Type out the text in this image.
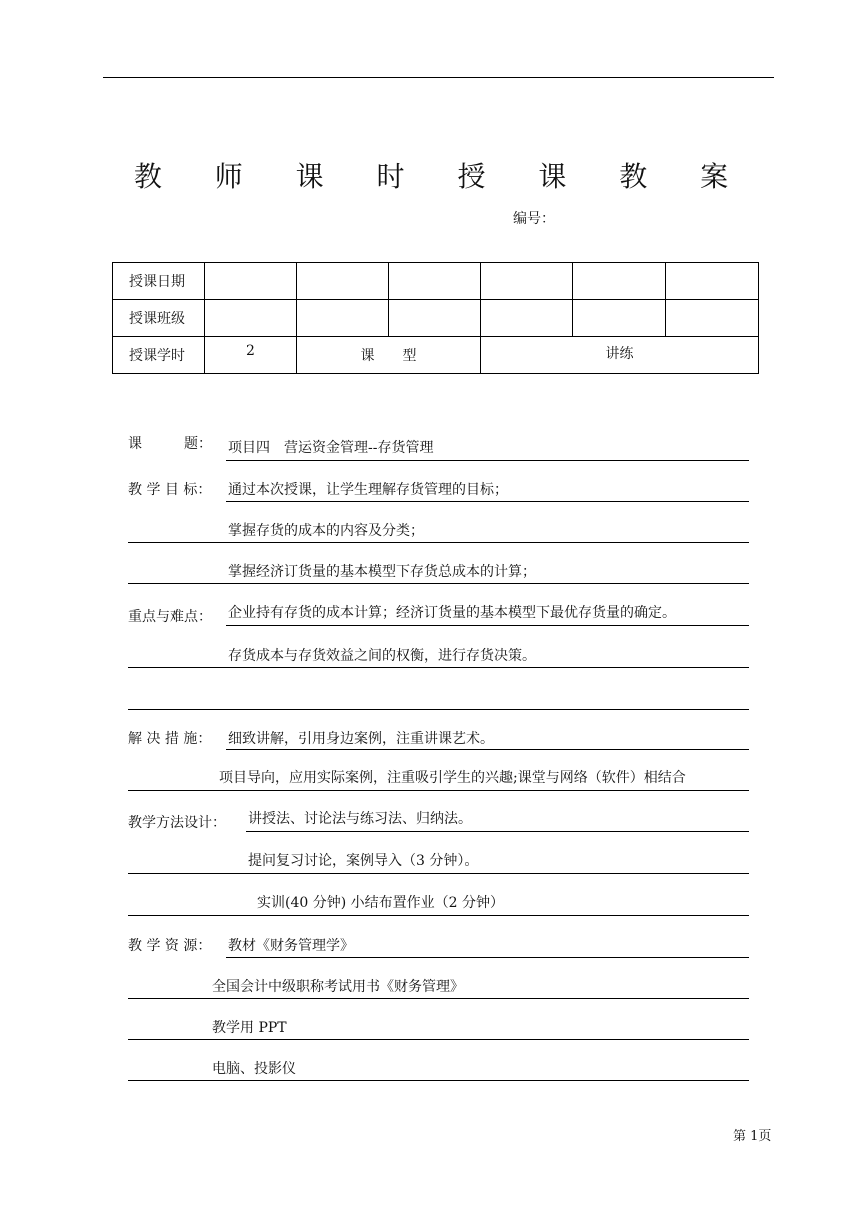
教 师 课 时 授 课 教 案
编号：
授课日期						
授课班级						
授课学时	2	课　　型		讲练		
课　　　题： 项目四　营运资金管理--存货管理
教 学 目 标： 通过本次授课，让学生理解存货管理的目标；
掌握存货的成本的内容及分类；
掌握经济订货量的基本模型下存货总成本的计算；
重点与难点： 企业持有存货的成本计算；经济订货量的基本模型下最优存货量的确定。
存货成本与存货效益之间的权衡，进行存货决策。
解 决 措 施： 细致讲解，引用身边案例，注重讲课艺术。
项目导向，应用实际案例，注重吸引学生的兴趣;课堂与网络（软件）相结合
教学方法设计： 讲授法、讨论法与练习法、归纳法。
提问复习讨论，案例导入（3 分钟）。
实训(40 分钟) 小结布置作业（2 分钟）
教 学 资 源： 教材《财务管理学》
全国会计中级职称考试用书《财务管理》
教学用 PPT
电脑、投影仪
第 1页
